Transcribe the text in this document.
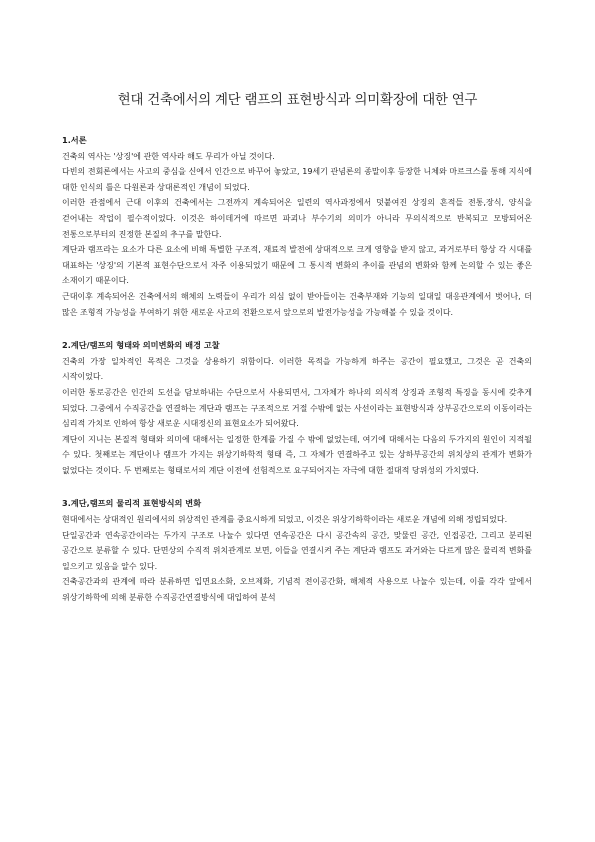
현대 건축에서의 계단 램프의 표현방식과 의미확장에 대한 연구
1.서론
건축의 역사는 '상징'에 관한 역사라 해도 무리가 아닐 것이다.
다빈의 전회론에서는 사고의 중심을 신에서 인간으로 바꾸어 놓았고, 19세기 관념론의 종말이후 등장한 니체와 마르크스를 통해 지식에 대한 인식의 틀은 다원론과 상대론적인 개념이 되었다.
이러한 관점에서 근대 이후의 건축에서는 그전까지 계속되어온 일련의 역사과정에서 덧붙여진 상징의 흔적들 전통,장식, 양식을 걷어내는 작업이 필수적이었다. 이것은 하이데거에 따르면 파괴나 부수기의 의미가 아니라 무의식적으로 반복되고 모방되어온 전통으로부터의 진정한 본질의 추구를 말한다.
계단과 램프라는 요소가 다른 요소에 비해 특별한 구조적, 재료적 발전에 상대적으로 크게 영향을 받지 않고, 과거로부터 항상 각 시대를 대표하는 '상징'의 기본적 표현수단으로서 자주 이용되었기 때문에 그 통시적 변화의 추이를 관념의 변화와 함께 논의할 수 있는 좋은 소재이기 때문이다.
근대이후 계속되어온 건축에서의 해체의 노력들이 우리가 의심 없이 받아들이는 건축부재와 기능의 일대일 대응관계에서 벗어나, 더 많은 조형적 가능성을 부여하기 위한 새로운 사고의 전환으로서 앞으로의 발전가능성을 가능해볼 수 있을 것이다.
2.계단/램프의 형태와 의미변화의 배경 고찰
건축의 가장 일차적인 목적은 그것을 상용하기 위함이다. 이러한 목적을 가능하게 하주는 공간이 필요했고, 그것은 곧 건축의 시작이었다.
이러한 통로공간은 인간의 도선을 담보하내는 수단으로서 사용되면서, 그자체가 하나의 의식적 상징과 조형적 특징을 동시에 갖추게 되었다. 그중에서 수직공간을 연결하는 계단과 램프는 구조적으로 거절 수밖에 없는 사선이라는 표현방식과 상부공간으로의 이동이라는 심리적 가치로 인하여 항상 새로운 시대정신의 표현요소가 되어왔다.
계단이 지니는 본질적 형태와 의미에 대해서는 일정한 한계를 가질 수 밖에 없었는데, 여기에 대해서는 다음의 두가지의 원인이 지적될 수 있다. 첫째로는 계단이나 램프가 가지는 위상기하학적 형태 즉, 그 자체가 연결하주고 있는 상하부공간의 위치상의 관계가 변화가 없었다는 것이다. 두 번째로는 형태로서의 계단 이전에 선험적으로 요구되어지는 자극에 대한 절대적 당위성의 가치였다.
3.계단,램프의 물리적 표현방식의 변화
현대에서는 상대적인 원리에서의 위상적인 관계를 중요시하게 되었고, 이것은 위상기하학이라는 새로운 개념에 의해 정립되었다.
단일공간과 연속공간이라는 두가지 구조로 나눌수 있다면 연속공간은 다시 공간속의 공간, 맞물린 공간, 인접공간, 그리고 분리된 공간으로 분류할 수 있다. 단면상의 수직적 위치관계로 보면, 이들을 연결시켜 주는 계단과 램프도 과거와는 다르게 많은 물리적 변화를 일으키고 있음을 알수 있다.
건축공간과의 관계에 따라 분류하면 입면요소화, 오브제화, 기념적 전이공간화, 해체적 사용으로 나눌수 있는데, 이를 각각 앞에서 위상기하학에 의해 분류한 수직공간연결방식에 대입하여 분석
